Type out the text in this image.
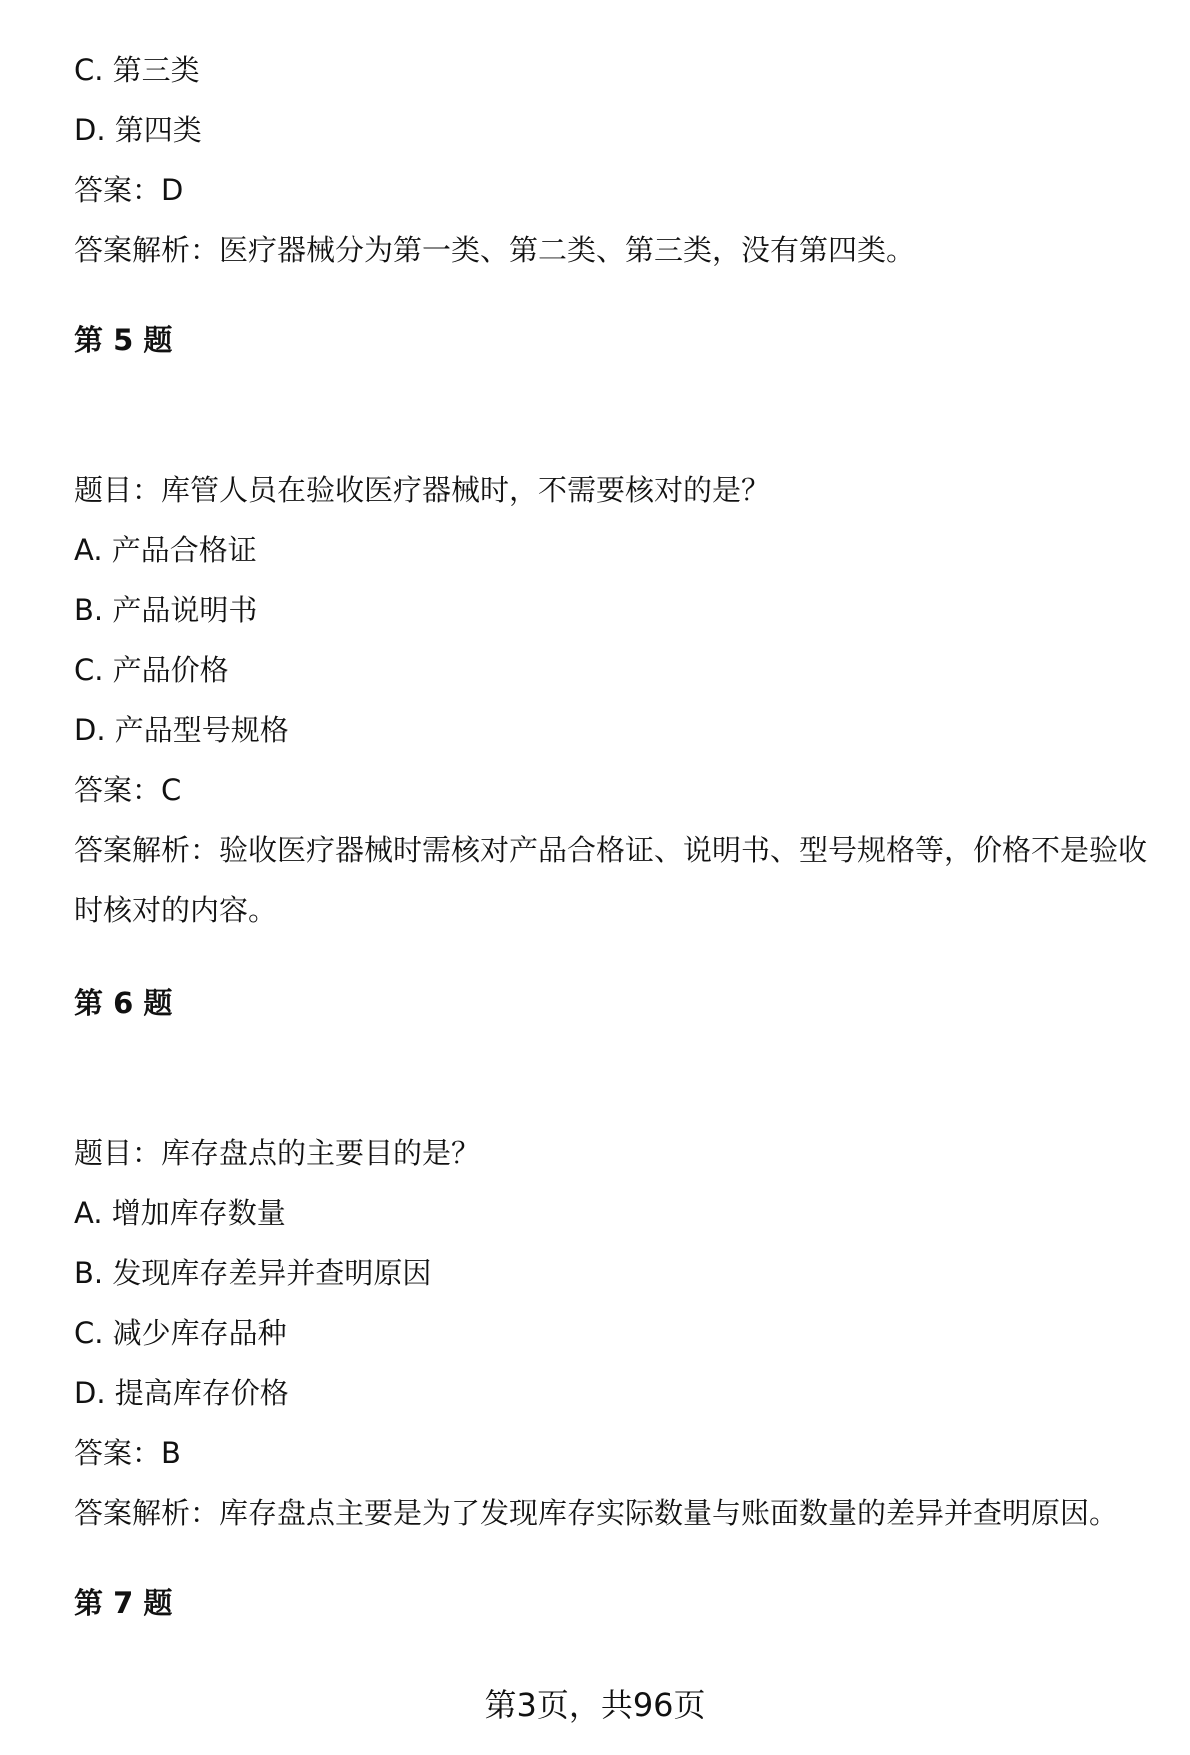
C. 第三类

D. 第四类

答案：D

答案解析：医疗器械分为第一类、第二类、第三类，没有第四类。

第 5 题

题目：库管人员在验收医疗器械时，不需要核对的是？

A. 产品合格证

B. 产品说明书

C. 产品价格

D. 产品型号规格

答案：C

答案解析：验收医疗器械时需核对产品合格证、说明书、型号规格等，价格不是验收时核对的内容。

第 6 题

题目：库存盘点的主要目的是？

A. 增加库存数量

B. 发现库存差异并查明原因

C. 减少库存品种

D. 提高库存价格

答案：B

答案解析：库存盘点主要是为了发现库存实际数量与账面数量的差异并查明原因。

第 7 题
第3页，共96页
